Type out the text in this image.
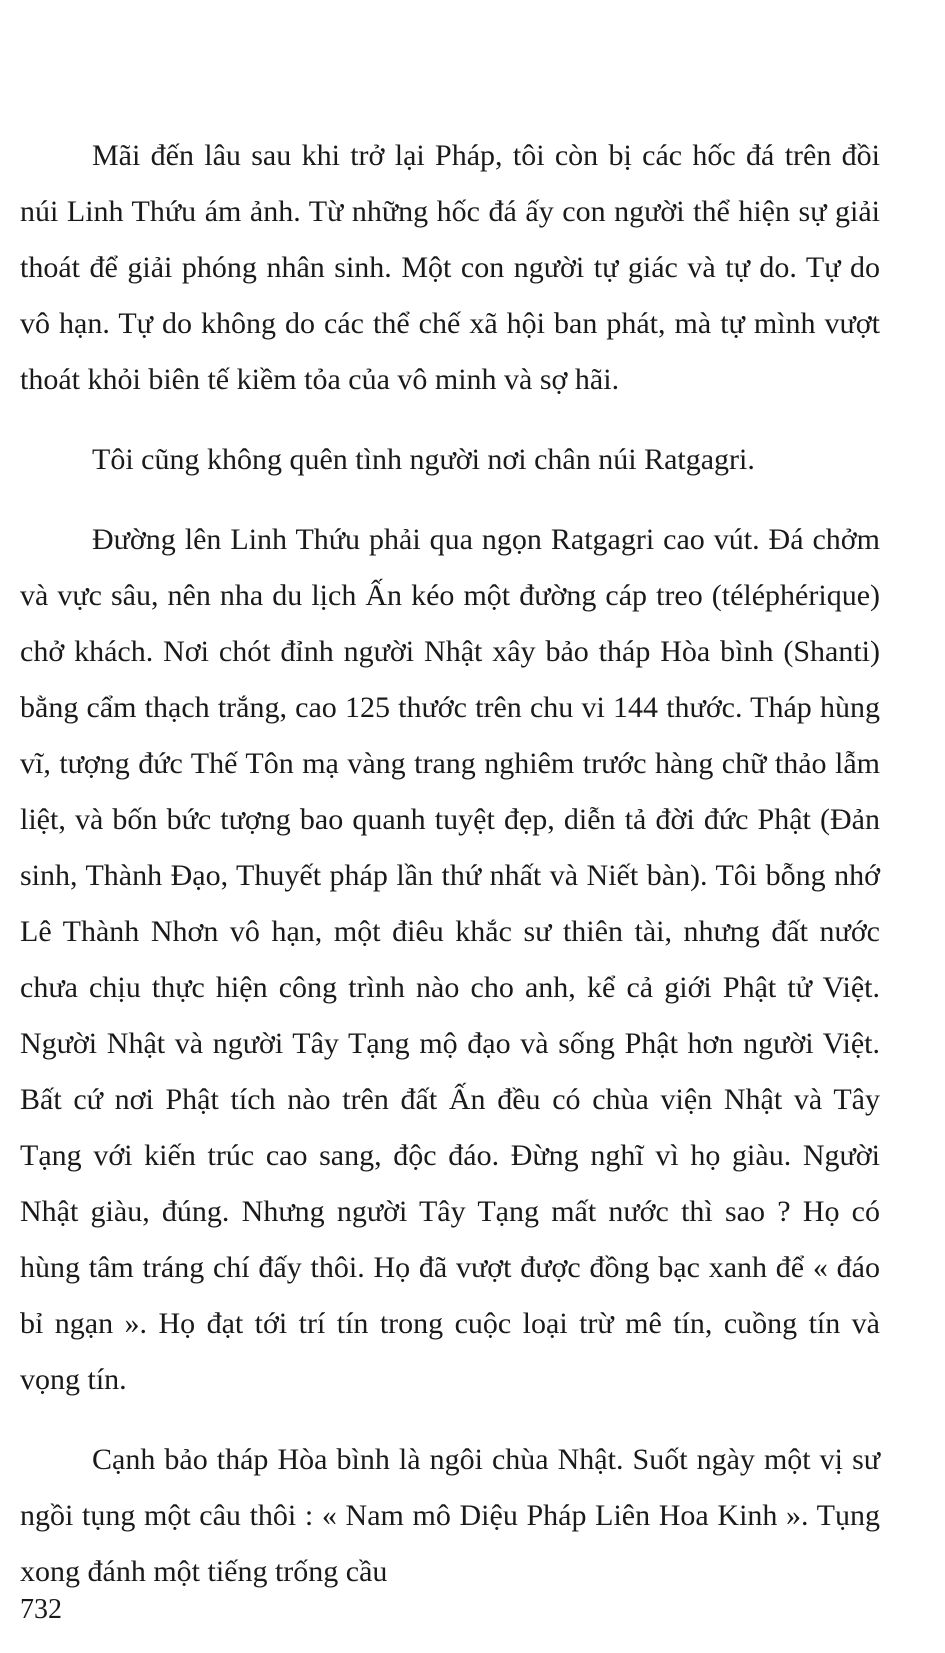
Mãi đến lâu sau khi trở lại Pháp, tôi còn bị các hốc đá trên đồi núi Linh Thứu ám ảnh. Từ những hốc đá ấy con người thể hiện sự giải thoát để giải phóng nhân sinh. Một con người tự giác và tự do. Tự do vô hạn. Tự do không do các thể chế xã hội ban phát, mà tự mình vượt thoát khỏi biên tế kiềm tỏa của vô minh và sợ hãi.

Tôi cũng không quên tình người nơi chân núi Ratgagri.

Đường lên Linh Thứu phải qua ngọn Ratgagri cao vút. Đá chởm và vực sâu, nên nha du lịch Ấn kéo một đường cáp treo (téléphérique) chở khách. Nơi chót đỉnh người Nhật xây bảo tháp Hòa bình (Shanti) bằng cẩm thạch trắng, cao 125 thước trên chu vi 144 thước. Tháp hùng vĩ, tượng đức Thế Tôn mạ vàng trang nghiêm trước hàng chữ thảo lẫm liệt, và bốn bức tượng bao quanh tuyệt đẹp, diễn tả đời đức Phật (Đản sinh, Thành Đạo, Thuyết pháp lần thứ nhất và Niết bàn). Tôi bỗng nhớ Lê Thành Nhơn vô hạn, một điêu khắc sư thiên tài, nhưng đất nước chưa chịu thực hiện công trình nào cho anh, kể cả giới Phật tử Việt. Người Nhật và người Tây Tạng mộ đạo và sống Phật hơn người Việt. Bất cứ nơi Phật tích nào trên đất Ấn đều có chùa viện Nhật và Tây Tạng với kiến trúc cao sang, độc đáo. Đừng nghĩ vì họ giàu. Người Nhật giàu, đúng. Nhưng người Tây Tạng mất nước thì sao ? Họ có hùng tâm tráng chí đấy thôi. Họ đã vượt được đồng bạc xanh để « đáo bỉ ngạn ». Họ đạt tới trí tín trong cuộc loại trừ mê tín, cuồng tín và vọng tín.

Cạnh bảo tháp Hòa bình là ngôi chùa Nhật. Suốt ngày một vị sư ngồi tụng một câu thôi : « Nam mô Diệu Pháp Liên Hoa Kinh ». Tụng xong đánh một tiếng trống cầu

732
